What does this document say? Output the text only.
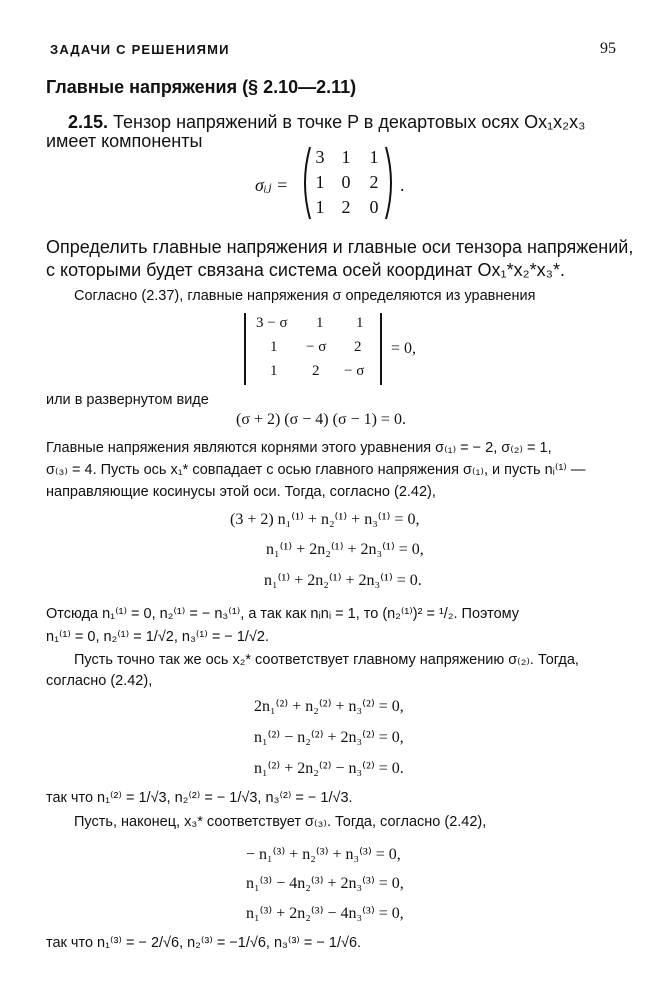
ЗАДАЧИ С РЕШЕНИЯМИ	95
Главные напряжения (§ 2.10—2.11)
2.15. Тензор напряжений в точке P в декартовых осях Ox₁x₂x₃
имеет компоненты
σᵢⱼ =
3 1	1
1 0	2
1 2	0
.
Определить главные напряжения и главные оси тензора напряжений,
с которыми будет связана система осей координат Ox₁*x₂*x₃*.
Согласно (2.37), главные напряжения σ определяются из уравнения
3 − σ 1 1
1 − σ 2
1 2 − σ
= 0,
или в развернутом виде
(σ + 2) (σ − 4) (σ − 1) = 0.
Главные напряжения являются корнями этого уравнения σ₍₁₎ = − 2, σ₍₂₎ = 1,
σ₍₃₎ = 4. Пусть ось x₁* совпадает с осью главного напряжения σ₍₁₎, и пусть nᵢ⁽¹⁾ —
направляющие косинусы этой оси. Тогда, согласно (2.42),
(3 + 2) n₁⁽¹⁾ + n₂⁽¹⁾ + n₃⁽¹⁾ = 0,
n₁⁽¹⁾ + 2n₂⁽¹⁾ + 2n₃⁽¹⁾ = 0,
n₁⁽¹⁾ + 2n₂⁽¹⁾ + 2n₃⁽¹⁾ = 0.
Отсюда n₁⁽¹⁾ = 0, n₂⁽¹⁾ = − n₃⁽¹⁾, а так как nᵢnᵢ = 1, то (n₂⁽¹⁾)² = ¹/₂. Поэтому
n₁⁽¹⁾ = 0, n₂⁽¹⁾ = 1/√2, n₃⁽¹⁾ = − 1/√2.
Пусть точно так же ось x₂* соответствует главному напряжению σ₍₂₎. Тогда,
согласно (2.42),
2n₁⁽²⁾ + n₂⁽²⁾ + n₃⁽²⁾ = 0,
n₁⁽²⁾ − n₂⁽²⁾ + 2n₃⁽²⁾ = 0,
n₁⁽²⁾ + 2n₂⁽²⁾ − n₃⁽²⁾ = 0.
так что n₁⁽²⁾ = 1/√3, n₂⁽²⁾ = − 1/√3, n₃⁽²⁾ = − 1/√3.
Пусть, наконец, x₃* соответствует σ₍₃₎. Тогда, согласно (2.42),
− n₁⁽³⁾ + n₂⁽³⁾ + n₃⁽³⁾ = 0,
n₁⁽³⁾ − 4n₂⁽³⁾ + 2n₃⁽³⁾ = 0,
n₁⁽³⁾ + 2n₂⁽³⁾ − 4n₃⁽³⁾ = 0,
так что n₁⁽³⁾ = − 2/√6, n₂⁽³⁾ = −1/√6, n₃⁽³⁾ = − 1/√6.
